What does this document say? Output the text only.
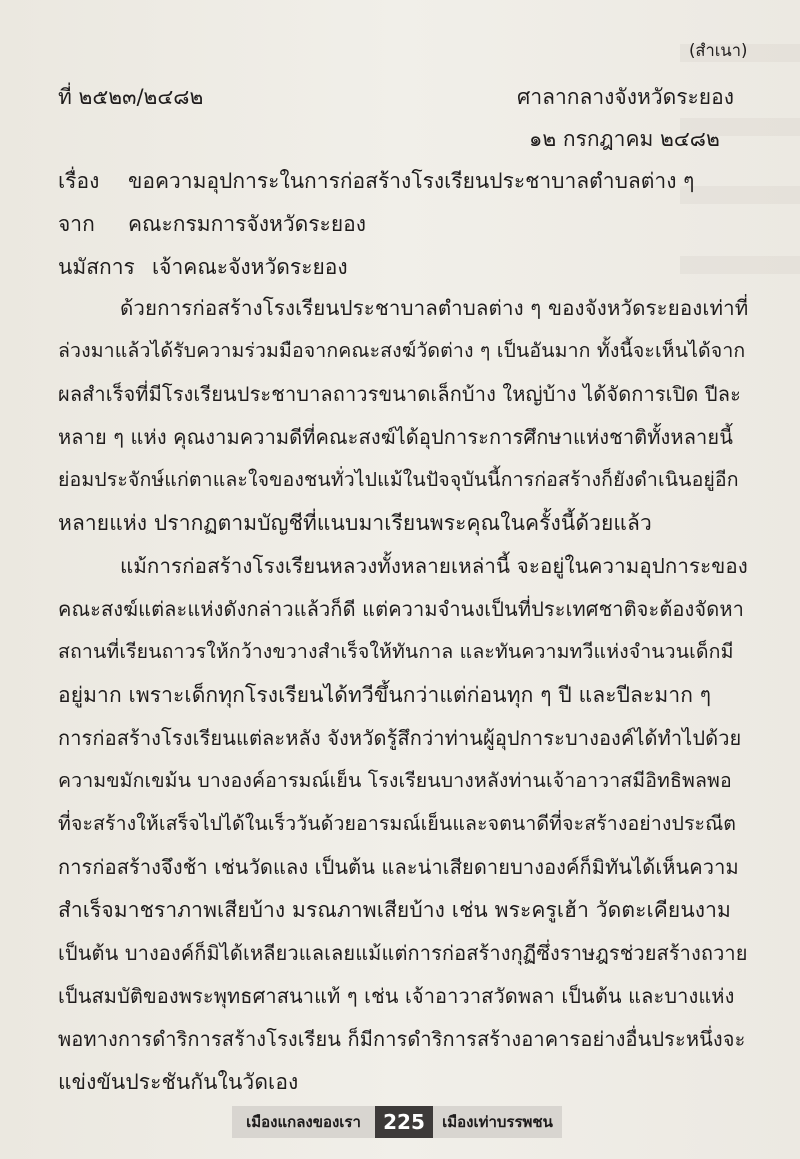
(สำเนา)
ที่ ๒๕๒๓/๒๔๘๒	ศาลากลางจังหวัดระยอง
๑๒ กรกฎาคม ๒๔๘๒
เรื่อง ขอความอุปการะในการก่อสร้างโรงเรียนประชาบาลตำบลต่าง ๆ
จาก คณะกรมการจังหวัดระยอง
นมัสการ เจ้าคณะจังหวัดระยอง
ด้วยการก่อสร้างโรงเรียนประชาบาลตำบลต่าง ๆ ของจังหวัดระยองเท่าที่
ล่วงมาแล้วได้รับความร่วมมือจากคณะสงฆ์วัดต่าง ๆ เป็นอันมาก ทั้งนี้จะเห็นได้จาก
ผลสำเร็จที่มีโรงเรียนประชาบาลถาวรขนาดเล็กบ้าง ใหญ่บ้าง ได้จัดการเปิด ปีละ
หลาย ๆ แห่ง คุณงามความดีที่คณะสงฆ์ได้อุปการะการศึกษาแห่งชาติทั้งหลายนี้
ย่อมประจักษ์แก่ตาและใจของชนทั่วไปแม้ในปัจจุบันนี้การก่อสร้างก็ยังดำเนินอยู่อีก
หลายแห่ง ปรากฏตามบัญชีที่แนบมาเรียนพระคุณในครั้งนี้ด้วยแล้ว
แม้การก่อสร้างโรงเรียนหลวงทั้งหลายเหล่านี้ จะอยู่ในความอุปการะของ
คณะสงฆ์แต่ละแห่งดังกล่าวแล้วก็ดี แต่ความจำนงเป็นที่ประเทศชาติจะต้องจัดหา
สถานที่เรียนถาวรให้กว้างขวางสำเร็จให้ทันกาล และทันความทวีแห่งจำนวนเด็กมี
อยู่มาก เพราะเด็กทุกโรงเรียนได้ทวีขึ้นกว่าแต่ก่อนทุก ๆ ปี และปีละมาก ๆ
การก่อสร้างโรงเรียนแต่ละหลัง จังหวัดรู้สึกว่าท่านผู้อุปการะบางองค์ได้ทำไปด้วย
ความขมักเขม้น บางองค์อารมณ์เย็น โรงเรียนบางหลังท่านเจ้าอาวาสมีอิทธิพลพอ
ที่จะสร้างให้เสร็จไปได้ในเร็ววันด้วยอารมณ์เย็นและจตนาดีที่จะสร้างอย่างประณีต
การก่อสร้างจึงช้า เช่นวัดแลง เป็นต้น และน่าเสียดายบางองค์ก็มิทันได้เห็นความ
สำเร็จมาชราภาพเสียบ้าง มรณภาพเสียบ้าง เช่น พระครูเฮ้า วัดตะเคียนงาม
เป็นต้น บางองค์ก็มิได้เหลียวแลเลยแม้แต่การก่อสร้างกุฏีซึ่งราษฎรช่วยสร้างถวาย
เป็นสมบัติของพระพุทธศาสนาแท้ ๆ เช่น เจ้าอาวาสวัดพลา เป็นต้น และบางแห่ง
พอทางการดำริการสร้างโรงเรียน ก็มีการดำริการสร้างอาคารอย่างอื่นประหนึ่งจะ
แข่งขันประชันกันในวัดเอง
เมืองแกลงของเรา	225	เมืองเท่าบรรพชน
